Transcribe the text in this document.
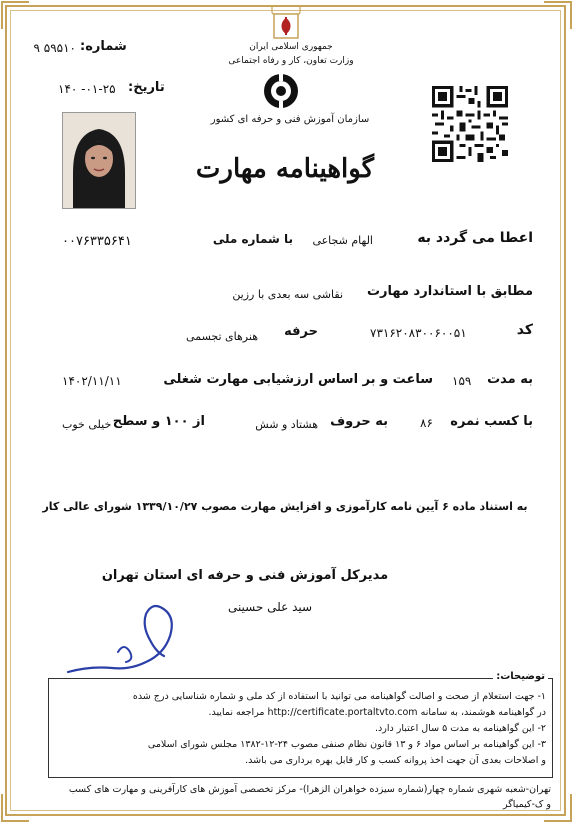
شماره:
۹ ۵۹۵۱۰
تاریخ:
۱۴۰ -۰۱-۲۵
جمهوری اسلامی ایران
وزارت تعاون، کار و رفاه اجتماعی
سازمان آموزش فنی و حرفه ای کشور
گواهینامه مهارت
اعطا می گردد به
الهام شجاعی
با شماره ملی
۰۰۷۶۳۳۵۶۴۱
مطابق با استاندارد مهارت
نقاشی سه بعدی با رزین
کد
۷۳۱۶۲۰۸۳۰۰۶۰۰۵۱
حرفه
هنرهای تجسمی
به مدت
۱۵۹
ساعت و بر اساس ارزشیابی مهارت شغلی
۱۴۰۲/۱۱/۱۱
با کسب نمره
۸۶
به حروف
هشتاد و شش
از ۱۰۰ و سطح
خیلی خوب
به استناد ماده ۶ آیین نامه کارآموزی و افزایش مهارت مصوب ۱۳۳۹/۱۰/۲۷ شورای عالی کار
مدیرکل آموزش فنی و حرفه ای استان تهران
سید علی حسینی
توضیحات:
۱- جهت استعلام از صحت و اصالت گواهینامه می توانید با استفاده از کد ملی و شماره شناسایی درج شده
در گواهینامه هوشمند، به سامانه http://certificate.portaltvto.com مراجعه نمایید.
۲- این گواهینامه به مدت ۵ سال اعتبار دارد.
۳- این گواهینامه بر اساس مواد ۶ و ۱۳ قانون نظام صنفی مصوب ۲۴-۱۲-۱۳۸۲ مجلس شورای اسلامی
و اصلاحات بعدی آن جهت اخذ پروانه کسب و کار قابل بهره برداری می باشد.
تهران-شعبه شهری شماره چهار(شماره سیزده خواهران الزهرا)- مرکز تخصصی آموزش های کارآفرینی و مهارت های کسب
و ک-کیمیاگر
